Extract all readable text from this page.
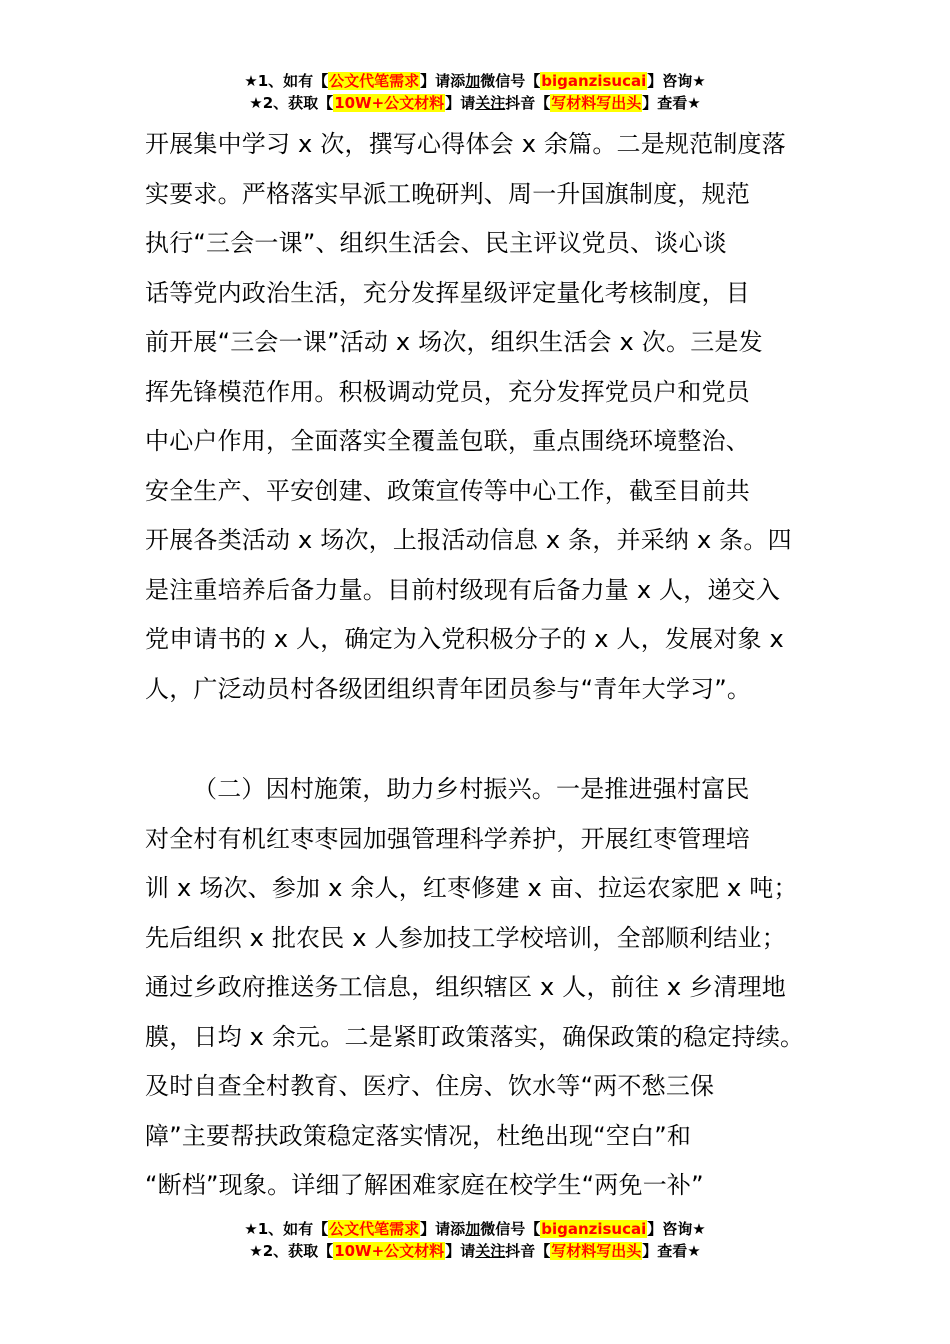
★1、如有【公文代笔需求】请添加微信号【biganzisucai】咨询★
★2、获取【10W+公文材料】请关注抖音【写材料写出头】查看★

开展集中学习 x 次，撰写心得体会 x 余篇。二是规范制度落
实要求。严格落实早派工晚研判、周一升国旗制度，规范
执行“三会一课”、组织生活会、民主评议党员、谈心谈
话等党内政治生活，充分发挥星级评定量化考核制度，目
前开展“三会一课”活动 x 场次，组织生活会 x 次。三是发
挥先锋模范作用。积极调动党员，充分发挥党员户和党员
中心户作用，全面落实全覆盖包联，重点围绕环境整治、
安全生产、平安创建、政策宣传等中心工作，截至目前共
开展各类活动 x 场次，上报活动信息 x 条，并采纳 x 条。四
是注重培养后备力量。目前村级现有后备力量 x 人，递交入
党申请书的 x 人，确定为入党积极分子的 x 人，发展对象 x
人，广泛动员村各级团组织青年团员参与“青年大学习”。

（二）因村施策，助力乡村振兴。一是推进强村富民
对全村有机红枣枣园加强管理科学养护，开展红枣管理培
训 x 场次、参加 x 余人，红枣修建 x 亩、拉运农家肥 x 吨；
先后组织 x 批农民 x 人参加技工学校培训，全部顺利结业；
通过乡政府推送务工信息，组织辖区 x 人，前往 x 乡清理地
膜，日均 x 余元。二是紧盯政策落实，确保政策的稳定持续。
及时自查全村教育、医疗、住房、饮水等“两不愁三保
障”主要帮扶政策稳定落实情况，杜绝出现“空白”和
“断档”现象。详细了解困难家庭在校学生“两免一补”

★1、如有【公文代笔需求】请添加微信号【biganzisucai】咨询★
★2、获取【10W+公文材料】请关注抖音【写材料写出头】查看★
